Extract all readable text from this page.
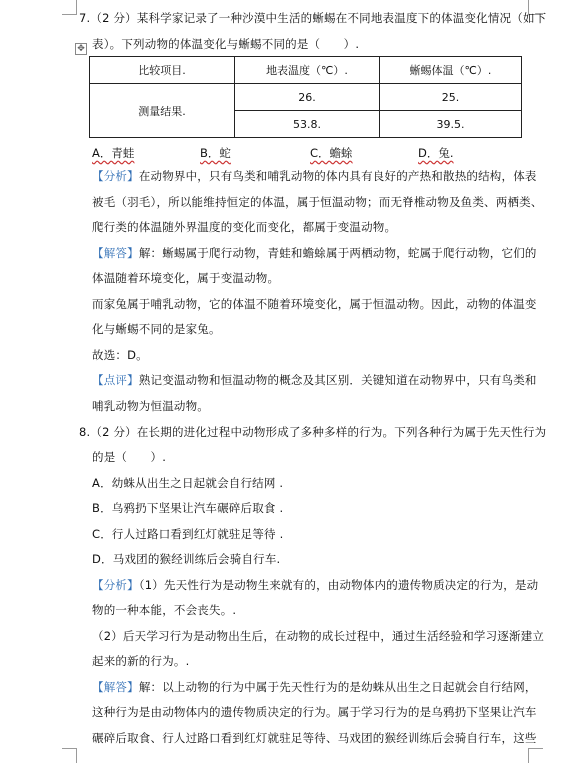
7.（2 分）某科学家记录了一种沙漠中生活的蜥蜴在不同地表温度下的体温变化情况（如下
✥ 表）。下列动物的体温变化与蜥蜴不同的是（　　）.
比较项目.	地表温度（℃）.	蜥蜴体温（℃）.
测量结果.	26.	25.
	53.8.	39.5.
A．青蛙	B．蛇	C．蟾蜍	D．兔.
【分析】在动物界中，只有鸟类和哺乳动物的体内具有良好的产热和散热的结构，体表
被毛（羽毛），所以能维持恒定的体温，属于恒温动物；而无脊椎动物及鱼类、两栖类、
爬行类的体温随外界温度的变化而变化，都属于变温动物。
【解答】解：蜥蜴属于爬行动物，青蛙和蟾蜍属于两栖动物，蛇属于爬行动物，它们的
体温随着环境变化，属于变温动物。
而家兔属于哺乳动物，它的体温不随着环境变化，属于恒温动物。因此，动物的体温变
化与蜥蜴不同的是家兔。
故选：D。
【点评】熟记变温动物和恒温动物的概念及其区别．关键知道在动物界中，只有鸟类和
哺乳动物为恒温动物。
8.（2 分）在长期的进化过程中动物形成了多种多样的行为。下列各种行为属于先天性行为
的是（　　）.
A．幼蛛从出生之日起就会自行结网 .
B．乌鸦扔下坚果让汽车碾碎后取食 .
C．行人过路口看到红灯就驻足等待 .
D．马戏团的猴经训练后会骑自行车.
【分析】（1）先天性行为是动物生来就有的，由动物体内的遗传物质决定的行为，是动
物的一种本能，不会丧失。.
（2）后天学习行为是动物出生后，在动物的成长过程中，通过生活经验和学习逐渐建立
起来的新的行为。.
【解答】解：以上动物的行为中属于先天性行为的是幼蛛从出生之日起就会自行结网，
这种行为是由动物体内的遗传物质决定的行为。属于学习行为的是乌鸦扔下坚果让汽车
碾碎后取食、行人过路口看到红灯就驻足等待、马戏团的猴经训练后会骑自行车，这些
